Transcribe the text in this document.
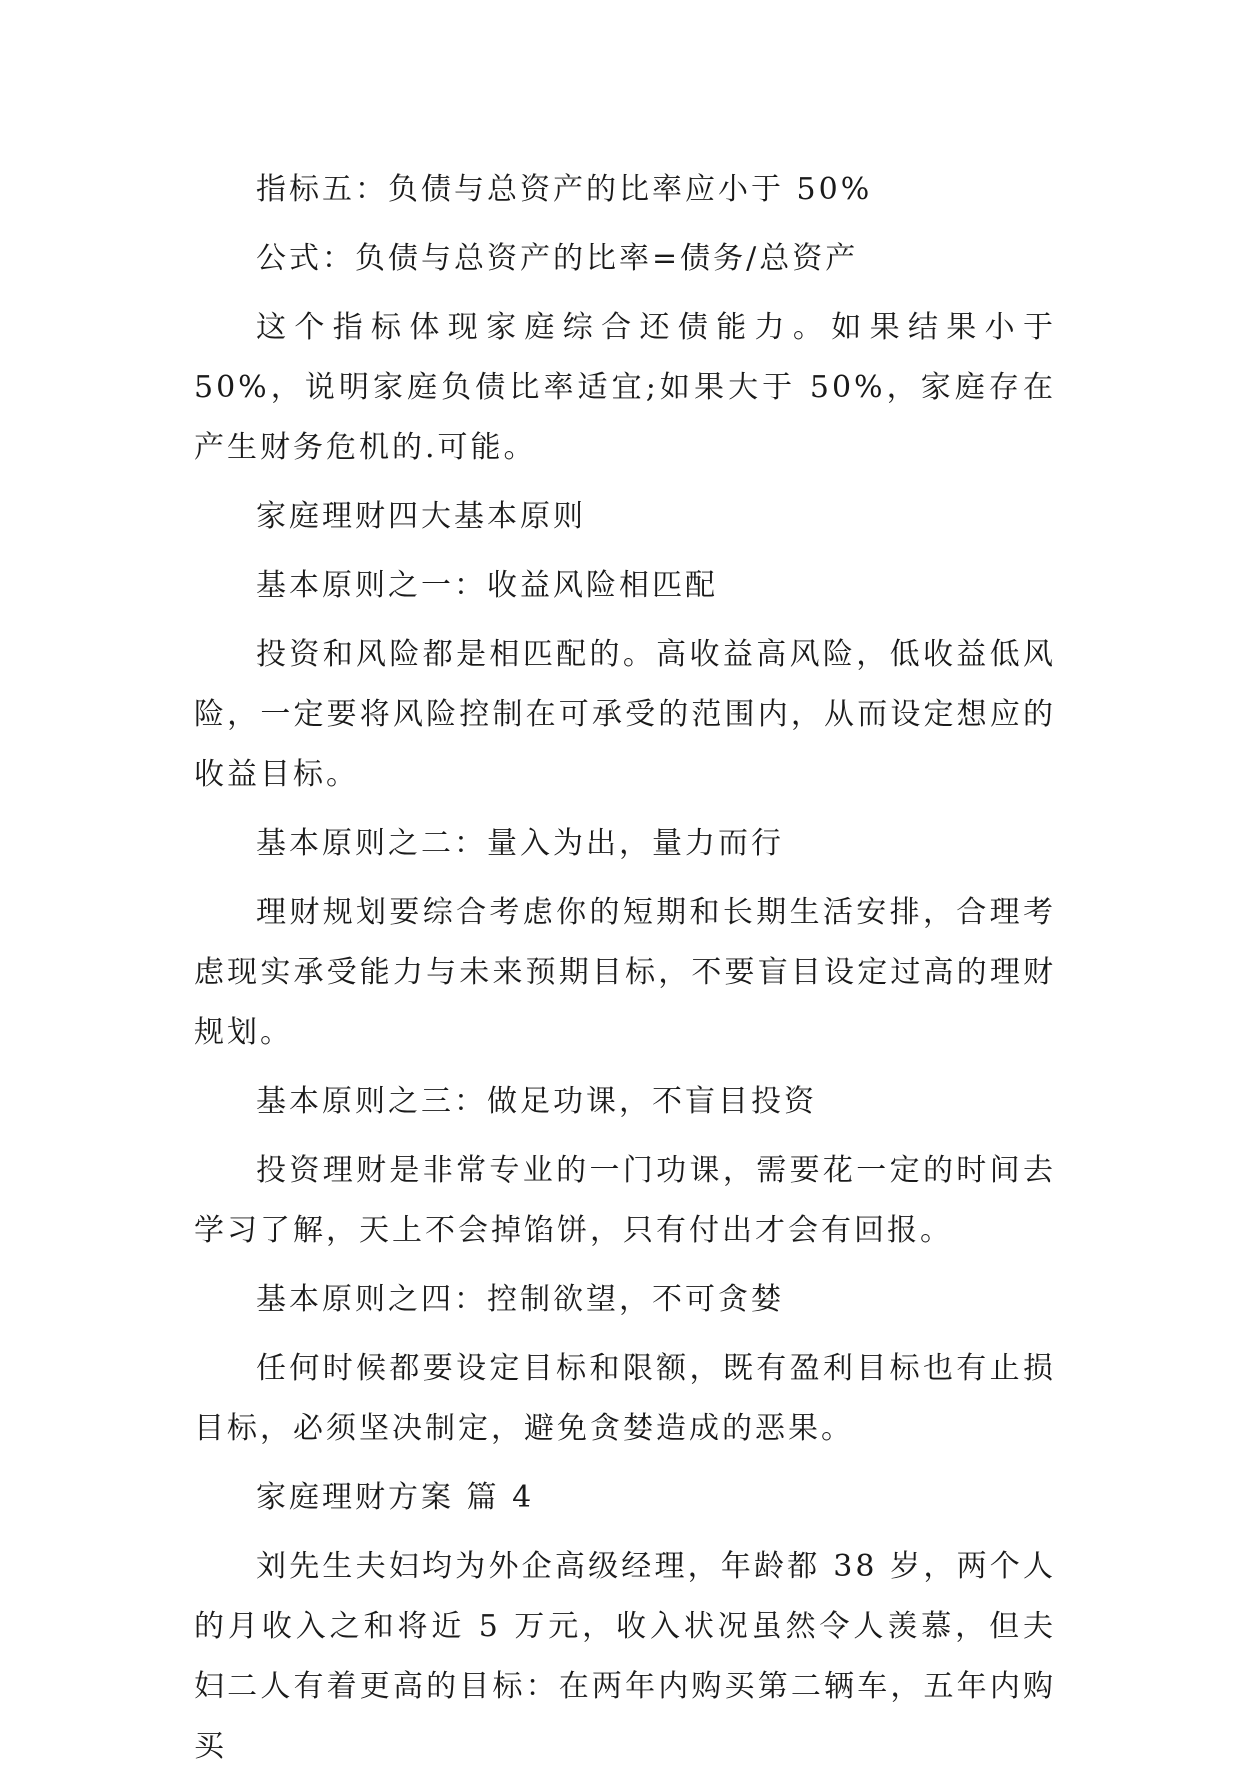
指标五：负债与总资产的比率应小于 50%

公式：负债与总资产的比率=债务/总资产

这个指标体现家庭综合还债能力。如果结果小于 50%，说明家庭负债比率适宜;如果大于 50%，家庭存在产生财务危机的.可能。

家庭理财四大基本原则

基本原则之一：收益风险相匹配

投资和风险都是相匹配的。高收益高风险，低收益低风险，一定要将风险控制在可承受的范围内，从而设定想应的收益目标。

基本原则之二：量入为出，量力而行

理财规划要综合考虑你的短期和长期生活安排，合理考虑现实承受能力与未来预期目标，不要盲目设定过高的理财规划。

基本原则之三：做足功课，不盲目投资

投资理财是非常专业的一门功课，需要花一定的时间去学习了解，天上不会掉馅饼，只有付出才会有回报。

基本原则之四：控制欲望，不可贪婪

任何时候都要设定目标和限额，既有盈利目标也有止损目标，必须坚决制定，避免贪婪造成的恶果。

家庭理财方案 篇 4

刘先生夫妇均为外企高级经理，年龄都 38 岁，两个人的月收入之和将近 5 万元，收入状况虽然令人羡慕，但夫妇二人有着更高的目标：在两年内购买第二辆车，五年内购买
